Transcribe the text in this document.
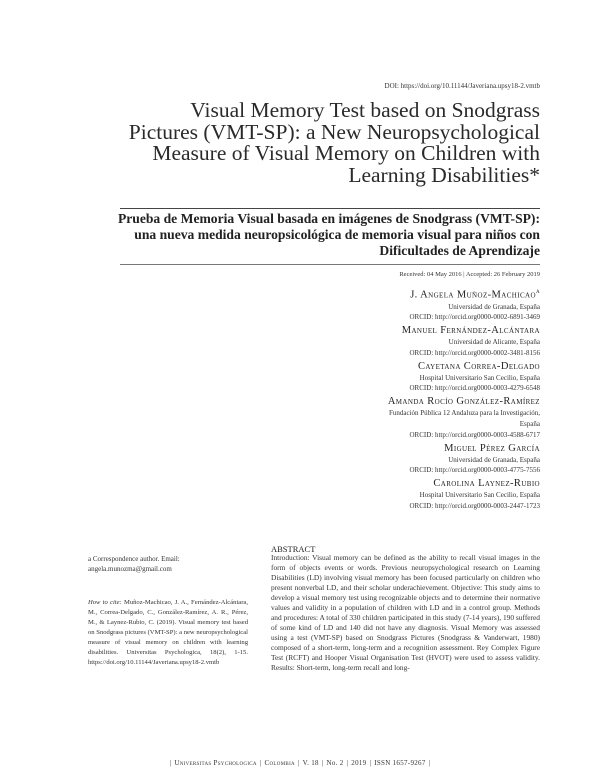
DOI: https://doi.org/10.11144/Javeriana.upsy18-2.vmtb
Visual Memory Test based on Snodgrass Pictures (VMT-SP): a New Neuropsychological Measure of Visual Memory on Children with Learning Disabilities*
Prueba de Memoria Visual basada en imágenes de Snodgrass (VMT-SP): una nueva medida neuropsicológica de memoria visual para niños con Dificultades de Aprendizaje
Received: 04 May 2016 | Accepted: 26 February 2019
J. Angela Muñoz-Machicao$^a$
Universidad de Granada, España
ORCID: http://orcid.org0000-0002-6891-3469
Manuel Fernández-Alcántara
Universidad de Alicante, España
ORCID: http://orcid.org0000-0002-3481-8156
Cayetana Correa-Delgado
Hospital Universitario San Cecilio, España
ORCID: http://orcid.org0000-0003-4279-6548
Amanda Rocío González-Ramírez
Fundación Pública 12 Andaluza para la Investigación,
España
ORCID: http://orcid.org0000-0003-4588-6717
Miguel Pérez García
Universidad de Granada, España
ORCID: http://orcid.org0000-0003-4775-7556
Carolina Laynez-Rubio
Hospital Universitario San Cecilio, España
ORCID: http://orcid.org0000-0003-2447-1723
a Correspondence author. Email: angela.munozma@gmail.com
How to cite: Muñoz-Machicao, J. A., Fernández-Alcántara, M., Correa-Delgado, C., González-Ramírez, A. R., Pérez, M., & Laynez-Rubio, C. (2019). Visual memory test based on Snodgrass pictures (VMT-SP): a new neuropsychological measure of visual memory on children with learning disabilities. Universitas Psychologica, 18(2), 1-15. https://doi.org/10.11144/Javeriana.upsy18-2.vmtb
ABSTRACT

Introduction: Visual memory can be defined as the ability to recall visual images in the form of objects events or words. Previous neuropsychological research on Learning Disabilities (LD) involving visual memory has been focused particularly on children who present nonverbal LD, and their scholar underachievement. Objective: This study aims to develop a visual memory test using recognizable objects and to determine their normative values and validity in a population of children with LD and in a control group. Methods and procedures: A total of 330 children participated in this study (7-14 years), 190 suffered of some kind of LD and 140 did not have any diagnosis. Visual Memory was assessed using a test (VMT-SP) based on Snodgrass Pictures (Snodgrass & Vanderwart, 1980) composed of a short-term, long-term and a recognition assessment. Rey Complex Figure Test (RCFT) and Hooper Visual Organisation Test (HVOT) were used to assess validity. Results: Short-term, long-term recall and long-

| Universitas Psychologica | Colombia | V. 18 | No. 2 | 2019 | ISSN 1657-9267 |
